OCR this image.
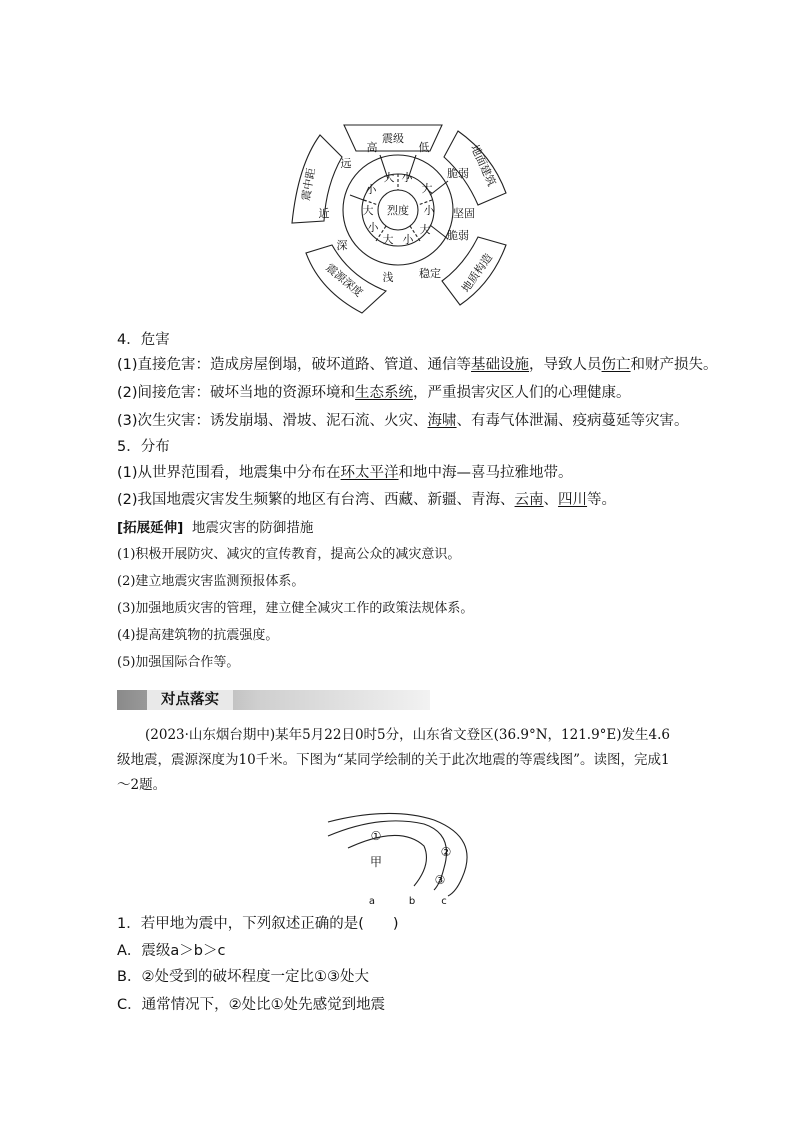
烈度
震级
地面建筑
地质构造
震源深度
震中距
高	低
脆弱
坚固
脆弱
稳定
浅
深
近
远
大 小
大
小
大
小
大
小
大
小
4．危害
(1)直接危害：造成房屋倒塌，破坏道路、管道、通信等基础设施，导致人员伤亡和财产损失。
(2)间接危害：破坏当地的资源环境和生态系统，严重损害灾区人们的心理健康。
(3)次生灾害：诱发崩塌、滑坡、泥石流、火灾、海啸、有毒气体泄漏、疫病蔓延等灾害。
5．分布
(1)从世界范围看，地震集中分布在环太平洋和地中海—喜马拉雅地带。
(2)我国地震灾害发生频繁的地区有台湾、西藏、新疆、青海、云南、四川等。
[拓展延伸] 地震灾害的防御措施
(1)积极开展防灾、减灾的宣传教育，提高公众的减灾意识。
(2)建立地震灾害监测预报体系。
(3)加强地质灾害的管理，建立健全减灾工作的政策法规体系。
(4)提高建筑物的抗震强度。
(5)加强国际合作等。
对点落实
(2023·山东烟台期中)某年5月22日0时5分，山东省文登区(36.9°N，121.9°E)发生4.6级地震，震源深度为10千米。下图为“某同学绘制的关于此次地震的等震线图”。读图，完成1～2题。
①
②
③
甲
a	b	c
1．若甲地为震中，下列叙述正确的是(　　)
A．震级a＞b＞c
B．②处受到的破坏程度一定比①③处大
C．通常情况下，②处比①处先感觉到地震
